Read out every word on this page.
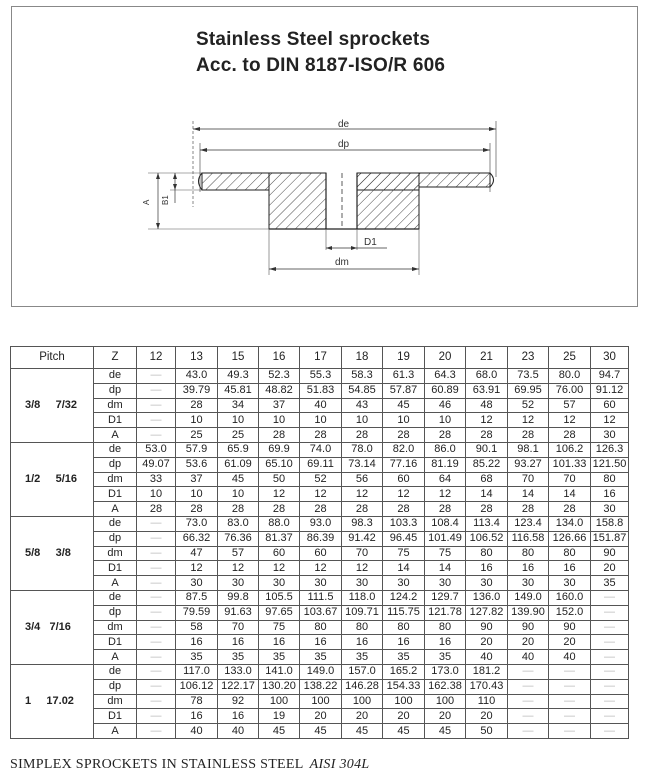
Stainless Steel sprockets
Acc. to DIN 8187-ISO/R 606
de
dp
A B1
D1
dm
Pitch	Z	12	13	15	16	17	18	19	20	21	23	25	30
3/8     7/32	de	—	43.0	49.3	52.3	55.3	58.3	61.3	64.3	68.0	73.5	80.0	94.7
	dp	—	39.79	45.81	48.82	51.83	54.85	57.87	60.89	63.91	69.95	76.00	91.12
	dm	—	28	34	37	40	43	45	46	48	52	57	60
	D1	—	10	10	10	10	10	10	10	12	12	12	12
	A	—	25	25	28	28	28	28	28	28	28	28	30
1/2     5/16	de	53.0	57.9	65.9	69.9	74.0	78.0	82.0	86.0	90.1	98.1	106.2	126.3
	dp	49.07	53.6	61.09	65.10	69.11	73.14	77.16	81.19	85.22	93.27	101.33	121.50
	dm	33	37	45	50	52	56	60	64	68	70	70	80
	D1	10	10	10	12	12	12	12	12	14	14	14	16
	A	28	28	28	28	28	28	28	28	28	28	28	30
5/8     3/8	de	—	73.0	83.0	88.0	93.0	98.3	103.3	108.4	113.4	123.4	134.0	158.8
	dp	—	66.32	76.36	81.37	86.39	91.42	96.45	101.49	106.52	116.58	126.66	151.87
	dm	—	47	57	60	60	70	75	75	80	80	80	90
	D1	—	12	12	12	12	12	14	14	16	16	16	20
	A	—	30	30	30	30	30	30	30	30	30	30	35
3/4   7/16	de	—	87.5	99.8	105.5	111.5	118.0	124.2	129.7	136.0	149.0	160.0	—
	dp	—	79.59	91.63	97.65	103.67	109.71	115.75	121.78	127.82	139.90	152.0	—
	dm	—	58	70	75	80	80	80	80	90	90	90	—
	D1	—	16	16	16	16	16	16	16	20	20	20	—
	A	—	35	35	35	35	35	35	35	40	40	40	—
1     17.02	de	—	117.0	133.0	141.0	149.0	157.0	165.2	173.0	181.2	—	—	—
	dp	—	106.12	122.17	130.20	138.22	146.28	154.33	162.38	170.43	—	—	—
	dm	—	78	92	100	100	100	100	100	110	—	—	—
	D1	—	16	16	19	20	20	20	20	20	—	—	—
	A	—	40	40	45	45	45	45	45	50	—	—	—
SIMPLEX SPROCKETS IN STAINLESS STEEL AISI 304L
